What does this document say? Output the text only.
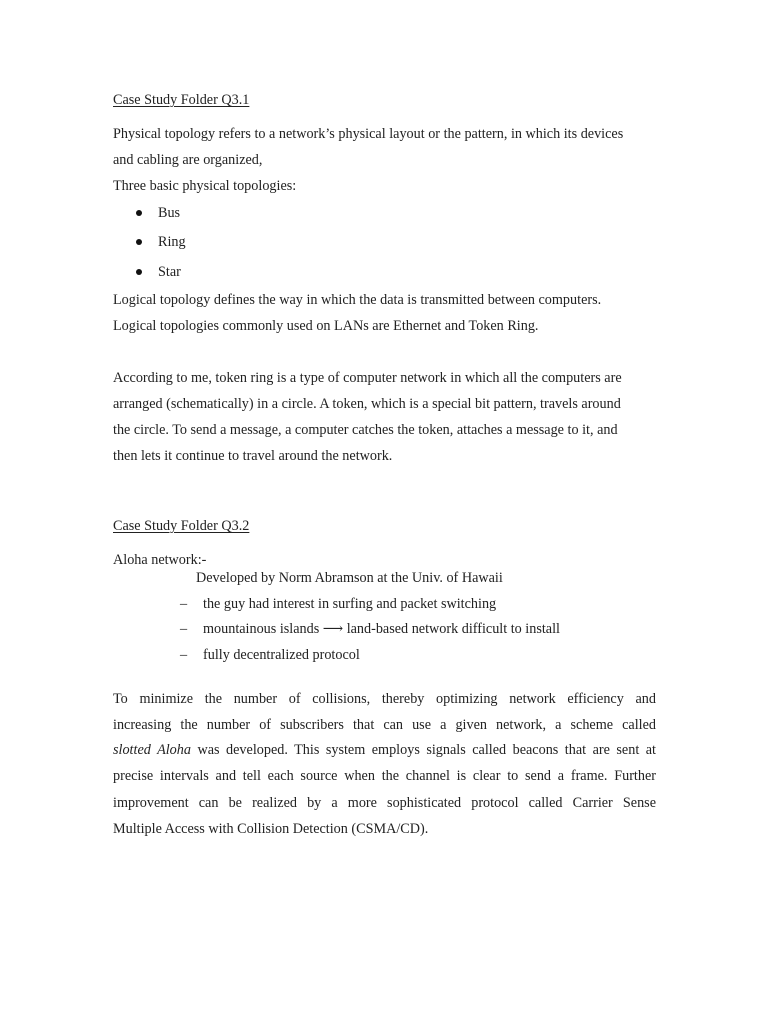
Case Study Folder Q3.1
Physical topology refers to a network’s physical layout or the pattern, in which its devices
and cabling are organized,
Three basic physical topologies:
Bus
Ring
Star
Logical topology defines the way in which the data is transmitted between computers.
Logical topologies commonly used on LANs are Ethernet and Token Ring.
According to me, token ring is a type of computer network in which all the computers are
arranged (schematically) in a circle. A token, which is a special bit pattern, travels around
the circle. To send a message, a computer catches the token, attaches a message to it, and
then lets it continue to travel around the network.
Case Study Folder Q3.2
Aloha network:-
Developed by Norm Abramson at the Univ. of Hawaii
– the guy had interest in surfing and packet switching
– mountainous islands ⟶ land-based network difficult to install
– fully decentralized protocol
To minimize the number of collisions, thereby optimizing network efficiency and
increasing the number of subscribers that can use a given network, a scheme called
slotted Aloha was developed. This system employs signals called beacons that are sent at
precise intervals and tell each source when the channel is clear to send a frame. Further
improvement can be realized by a more sophisticated protocol called Carrier Sense
Multiple Access with Collision Detection (CSMA/CD).
